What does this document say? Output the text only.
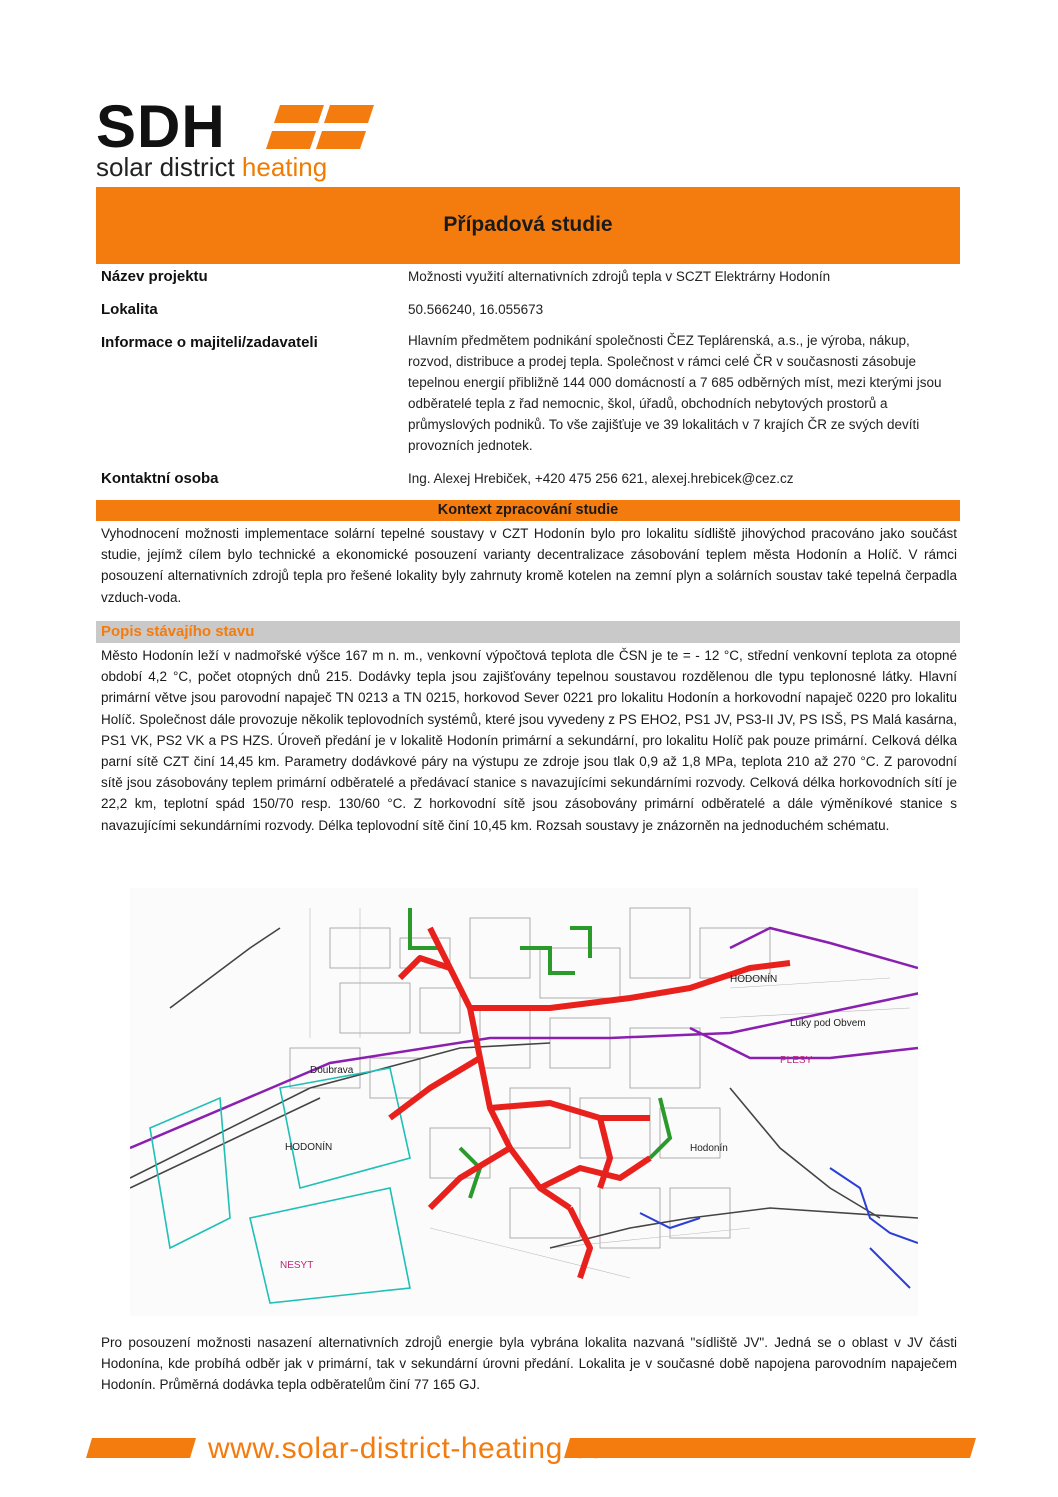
SDH
solar district heating
Případová studie
Název projektu	Možnosti využití alternativních zdrojů tepla v SCZT Elektrárny Hodonín
Lokalita	50.566240, 16.055673
Informace o majiteli/zadavateli	Hlavním předmětem podnikání společnosti ČEZ Teplárenská, a.s., je výroba, nákup, rozvod, distribuce a prodej tepla. Společnost v rámci celé ČR v současnosti zásobuje tepelnou energií přibližně 144 000 domácností a 7 685 odběrných míst, mezi kterými jsou odběratelé tepla z řad nemocnic, škol, úřadů, obchodních nebytových prostorů a průmyslových podniků. To vše zajišťuje ve 39 lokalitách v 7 krajích ČR ze svých devíti provozních jednotek.
Kontaktní osoba	Ing. Alexej Hrebiček, +420 475 256 621, alexej.hrebicek@cez.cz
Kontext zpracování studie
Vyhodnocení možnosti implementace solární tepelné soustavy v CZT Hodonín bylo pro lokalitu sídliště jihovýchod pracováno jako součást studie, jejímž cílem bylo technické a ekonomické posouzení varianty decentralizace zásobování teplem města Hodonín a Holíč. V rámci posouzení alternativních zdrojů tepla pro řešené lokality byly zahrnuty kromě kotelen na zemní plyn a solárních soustav také tepelná čerpadla vzduch-voda.
Popis stávajího stavu
Město Hodonín leží v nadmořské výšce 167 m n. m., venkovní výpočtová teplota dle ČSN je te = - 12 °C, střední venkovní teplota za otopné období 4,2 °C, počet otopných dnů 215. Dodávky tepla jsou zajišťovány tepelnou soustavou rozdělenou dle typu teplonosné látky. Hlavní primární větve jsou parovodní napaječ TN 0213 a TN 0215, horkovod Sever 0221 pro lokalitu Hodonín a horkovodní napaječ 0220 pro lokalitu Holíč. Společnost dále provozuje několik teplovodních systémů, které jsou vyvedeny z PS EHO2, PS1 JV, PS3-II JV, PS ISŠ, PS Malá kasárna, PS1 VK, PS2 VK a PS HZS. Úroveň předání je v lokalitě Hodonín primární a sekundární, pro lokalitu Holíč pak pouze primární. Celková délka parní sítě CZT činí 14,45 km. Parametry dodávkové páry na výstupu ze zdroje jsou tlak 0,9 až 1,8 MPa, teplota 210 až 270 °C. Z parovodní sítě jsou zásobovány teplem primární odběratelé a předávací stanice s navazujícími sekundárními rozvody. Celková délka horkovodních sítí je 22,2 km, teplotní spád 150/70 resp. 130/60 °C. Z horkovodní sítě jsou zásobovány primární odběratelé a dále výměníkové stanice s navazujícími sekundárními rozvody. Délka teplovodní sítě činí 10,45 km. Rozsah soustavy je znázorněn na jednoduchém schématu.
HODONÍN
HODONÍN
Hodonín
PLESY
Luky pod Obvem
Doubrava
NESYT
Pro posouzení možnosti nasazení alternativních zdrojů energie byla vybrána lokalita nazvaná "sídliště JV". Jedná se o oblast v JV části Hodonína, kde probíhá odběr jak v primární, tak v sekundární úrovni předání. Lokalita je v současné době napojena parovodním napaječem Hodonín. Průměrná dodávka tepla odběratelům činí 77 165 GJ.
www.solar-district-heating.eu
